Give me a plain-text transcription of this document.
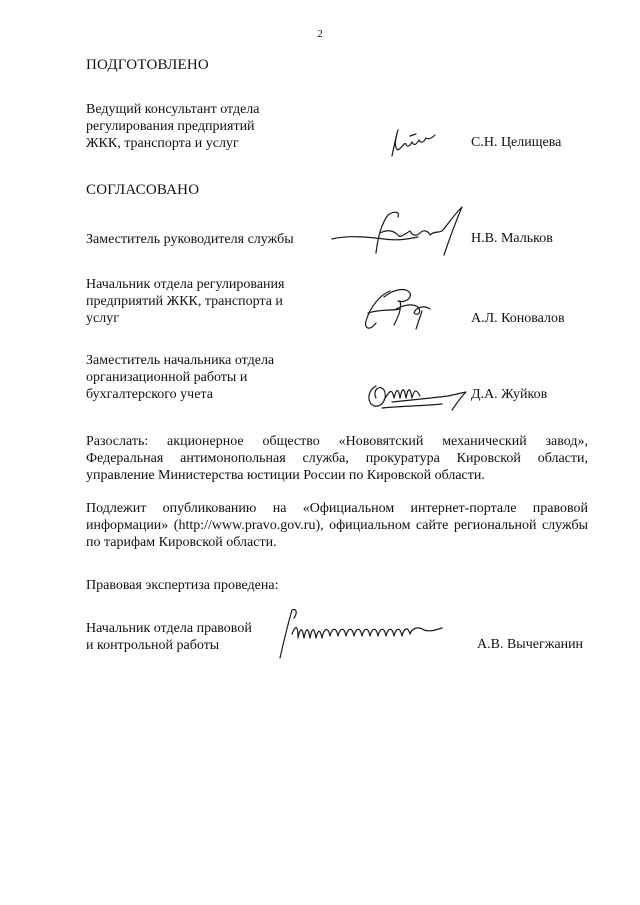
2
ПОДГОТОВЛЕНО
Ведущий консультант отдела
регулирования предприятий
ЖКК, транспорта и услуг	С.Н. Целищева
СОГЛАСОВАНО
Заместитель руководителя службы	Н.В. Мальков
Начальник отдела регулирования
предприятий ЖКК, транспорта и
услуг	А.Л. Коновалов
Заместитель начальника отдела
организационной работы и
бухгалтерского учета	Д.А. Жуйков
Разослать: акционерное общество «Нововятский механический завод», Федеральная антимонопольная служба, прокуратура Кировской области, управление Министерства юстиции России по Кировской области.
Подлежит опубликованию на «Официальном интернет-портале правовой информации» (http://www.pravo.gov.ru), официальном сайте региональной службы по тарифам Кировской области.
Правовая экспертиза проведена:
Начальник отдела правовой
и контрольной работы	А.В. Вычегжанин
